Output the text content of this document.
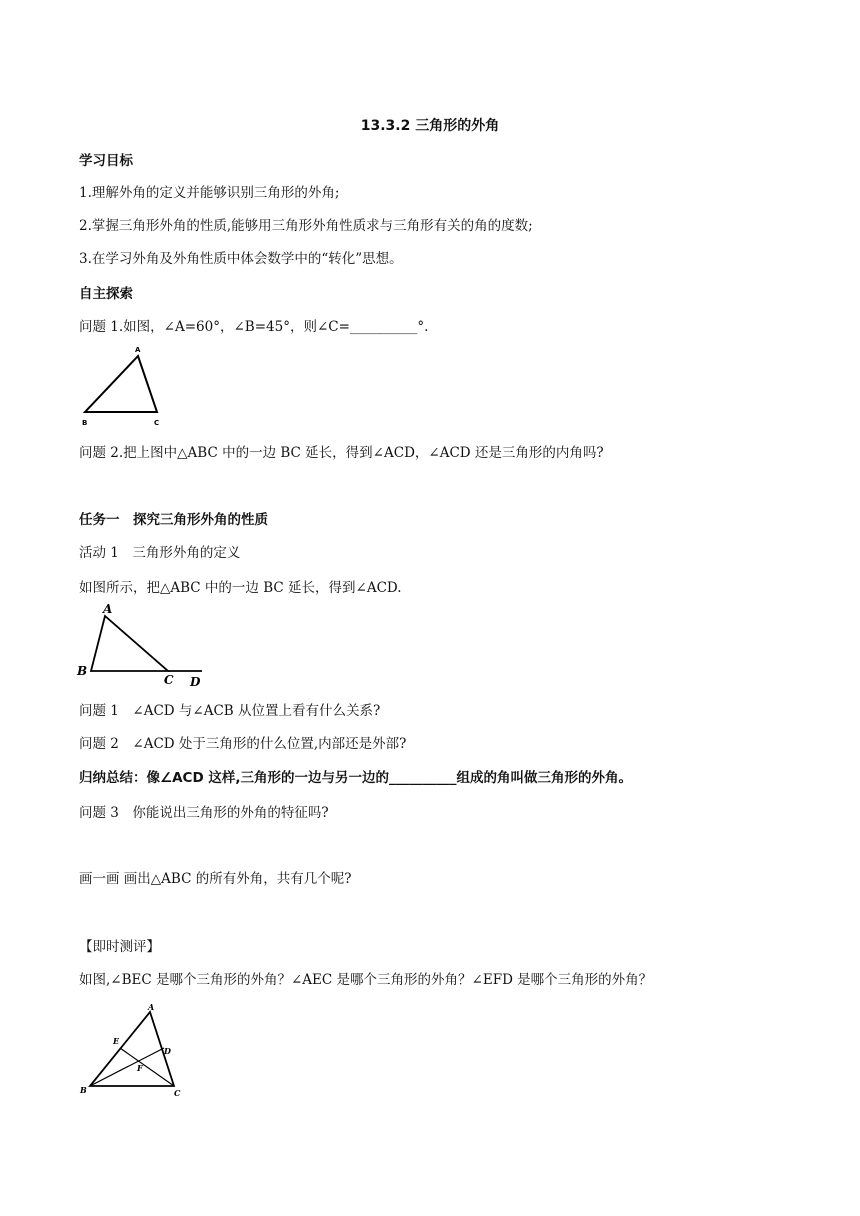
13.3.2 三角形的外角
学习目标
1.理解外角的定义并能够识别三角形的外角;
2.掌握三角形外角的性质,能够用三角形外角性质求与三角形有关的角的度数;
3.在学习外角及外角性质中体会数学中的“转化”思想。
自主探索
问题 1.如图，∠A=60°，∠B=45°，则∠C=__________°.
A
B	C
问题 2.把上图中△ABC 中的一边 BC 延长，得到∠ACD，∠ACD 还是三角形的内角吗?
任务一　探究三角形外角的性质
活动 1　三角形外角的定义
如图所示，把△ABC 中的一边 BC 延长，得到∠ACD.
A
B
C D
问题 1　∠ACD 与∠ACB 从位置上看有什么关系?
问题 2　∠ACD 处于三角形的什么位置,内部还是外部?
归纳总结：像∠ACD 这样,三角形的一边与另一边的__________组成的角叫做三角形的外角。
问题 3　你能说出三角形的外角的特征吗?
画一画 画出△ABC 的所有外角，共有几个呢?
【即时测评】
如图,∠BEC 是哪个三角形的外角？∠AEC 是哪个三角形的外角？∠EFD 是哪个三角形的外角？
A
B	C
D
E
F
